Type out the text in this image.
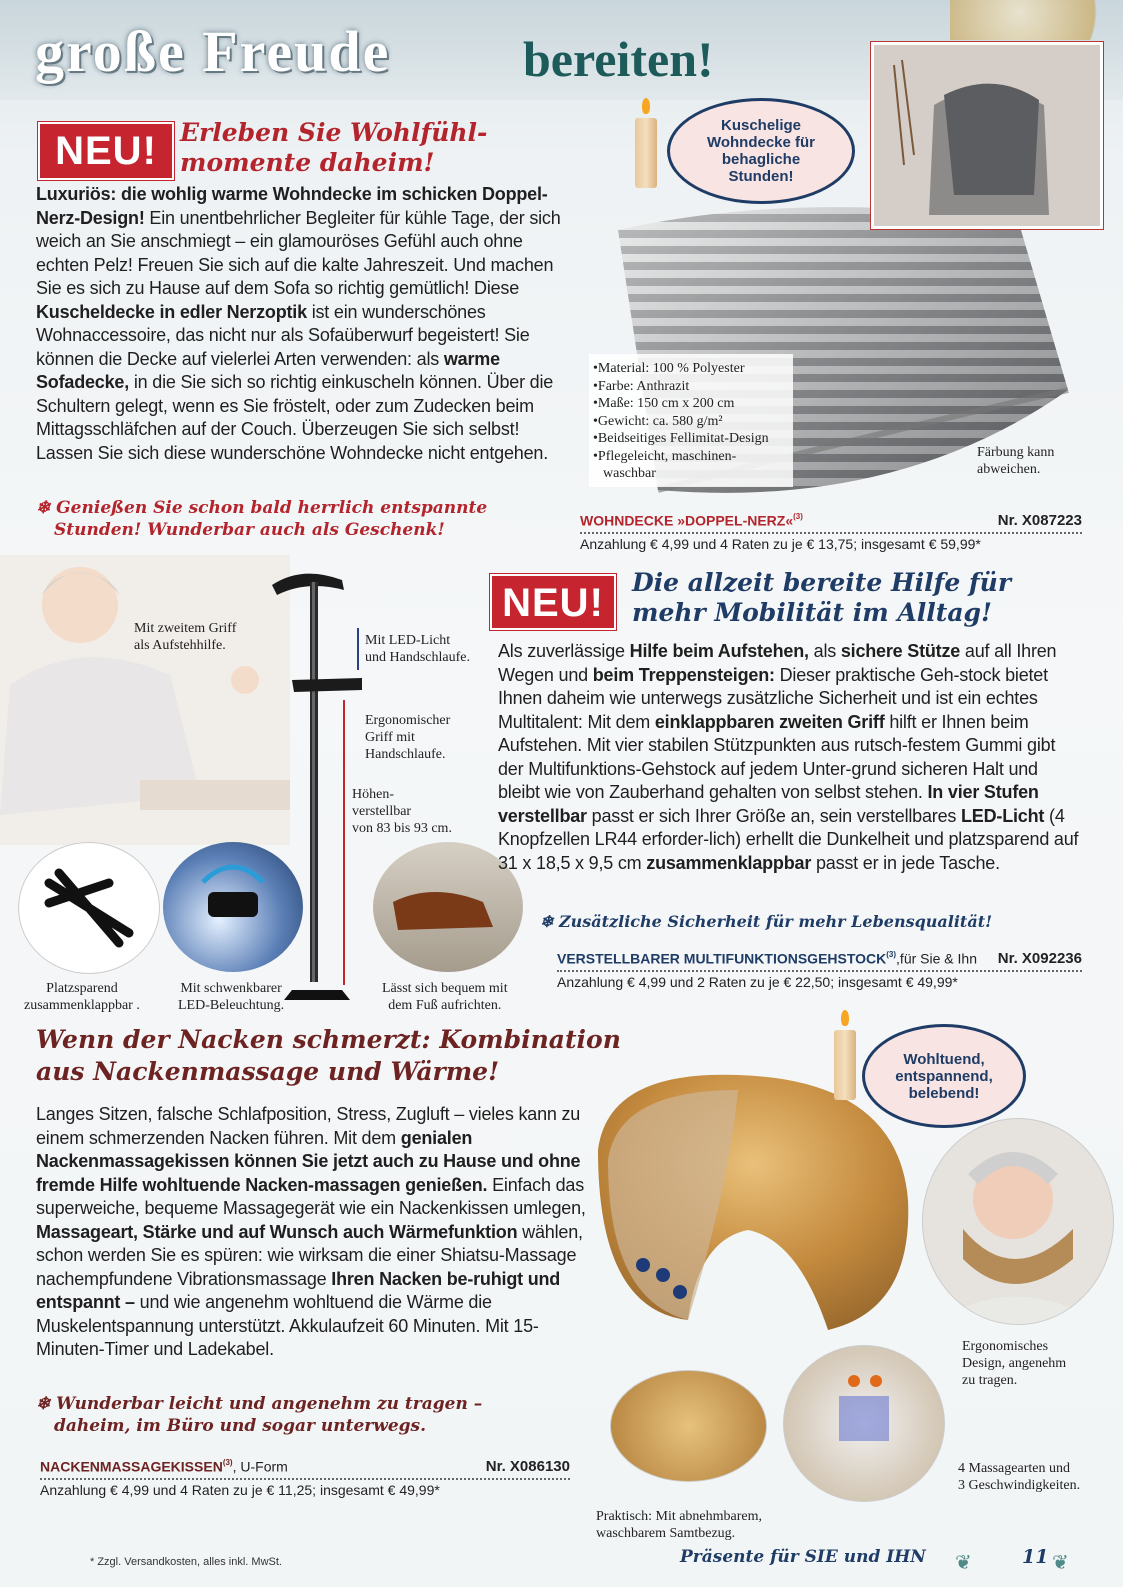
große Freude	bereiten!
NEU! Erleben Sie Wohlfühl-
momente daheim!

Luxuriös: die wohlig warme Wohndecke im schicken Doppel-Nerz-Design! Ein unentbehrlicher Begleiter für kühle Tage, der sich weich an Sie anschmiegt – ein glamouröses Gefühl auch ohne echten Pelz! Freuen Sie sich auf die kalte Jahreszeit. Und machen Sie es sich zu Hause auf dem Sofa so richtig gemütlich! Diese Kuscheldecke in edler Nerzoptik ist ein wunderschönes Wohnaccessoire, das nicht nur als Sofaüberwurf begeistert! Sie können die Decke auf vielerlei Arten verwenden: als warme Sofadecke, in die Sie sich so richtig einkuscheln können. Über die Schultern gelegt, wenn es Sie fröstelt, oder zum Zudecken beim Mittagsschläfchen auf der Couch. Überzeugen Sie sich selbst! Lassen Sie sich diese wunderschöne Wohndecke nicht entgehen.

❄ Genießen Sie schon bald herrlich entspannte
Stunden! Wunderbar auch als Geschenk!
Kuschelige Wohndecke für behagliche Stunden!
• Material: 100 % Polyester
• Farbe: Anthrazit
• Maße: 150 cm x 200 cm
• Gewicht: ca. 580 g/m²
• Beidseitiges Fellimitat-Design
• Pflegeleicht, maschinen-
waschbar
Färbung kann
abweichen.
WOHNDECKE »DOPPEL-NERZ«$^{(3)}$	Nr. X087223
Anzahlung € 4,99 und 4 Raten zu je € 13,75; insgesamt € 59,99*
Mit zweitem Griff
als Aufstehhilfe.	Mit LED-Licht
und Handschlaufe.
Ergonomischer
Griff mit
Handschlaufe.
Höhen-
verstellbar
von 83 bis 93 cm.
Platzsparend
zusammenklappbar .
Mit schwenkbarer
LED-Beleuchtung.
Lässt sich bequem mit
dem Fuß aufrichten.
NEU!	Die allzeit bereite Hilfe für
mehr Mobilität im Alltag!
Als zuverlässige Hilfe beim Aufstehen, als sichere Stütze auf all Ihren Wegen und beim Treppensteigen: Dieser praktische Geh-stock bietet Ihnen daheim wie unterwegs zusätzliche Sicherheit und ist ein echtes Multitalent: Mit dem einklappbaren zweiten Griff hilft er Ihnen beim Aufstehen. Mit vier stabilen Stützpunkten aus rutsch-festem Gummi gibt der Multifunktions-Gehstock auf jedem Unter-grund sicheren Halt und bleibt wie von Zauberhand gehalten von selbst stehen. In vier Stufen verstellbar passt er sich Ihrer Größe an, sein verstellbares LED-Licht (4 Knopfzellen LR44 erforder-lich) erhellt die Dunkelheit und platzsparend auf 31 x 18,5 x 9,5 cm zusammenklappbar passt er in jede Tasche.
❄ Zusätzliche Sicherheit für mehr Lebensqualität!
VERSTELLBARER MULTIFUNKTIONSGEHSTOCK$^{(3)}$,für Sie & Ihn Nr. X092236
Anzahlung € 4,99 und 2 Raten zu je € 22,50; insgesamt € 49,99*
Wenn der Nacken schmerzt: Kombination
aus Nackenmassage und Wärme!
Langes Sitzen, falsche Schlafposition, Stress, Zugluft – vieles kann zu einem schmerzenden Nacken führen. Mit dem genialen Nackenmassagekissen können Sie jetzt auch zu Hause und ohne fremde Hilfe wohltuende Nacken-massagen genießen. Einfach das superweiche, bequeme Massagegerät wie ein Nackenkissen umlegen, Massageart, Stärke und auf Wunsch auch Wärmefunktion wählen, schon werden Sie es spüren: wie wirksam die einer Shiatsu-Massage nachempfundene Vibrationsmassage Ihren Nacken be-ruhigt und entspannt – und wie angenehm wohltuend die Wärme die Muskelentspannung unterstützt. Akkulaufzeit 60 Minuten. Mit 15-Minuten-Timer und Ladekabel.
❄ Wunderbar leicht und angenehm zu tragen –
daheim, im Büro und sogar unterwegs.
NACKENMASSAGEKISSEN$^{(3)}$, U-Form	Nr. X086130
Anzahlung € 4,99 und 4 Raten zu je € 11,25; insgesamt € 49,99*
Wohltuend, entspannend, belebend!
Ergonomisches
Design, angenehm
zu tragen.
4 Massagearten und
3 Geschwindigkeiten.
Praktisch: Mit abnehmbarem,
waschbarem Samtbezug.
* Zzgl. Versandkosten, alles inkl. MwSt.	Präsente für SIE und IHN ❦	11 ❦
